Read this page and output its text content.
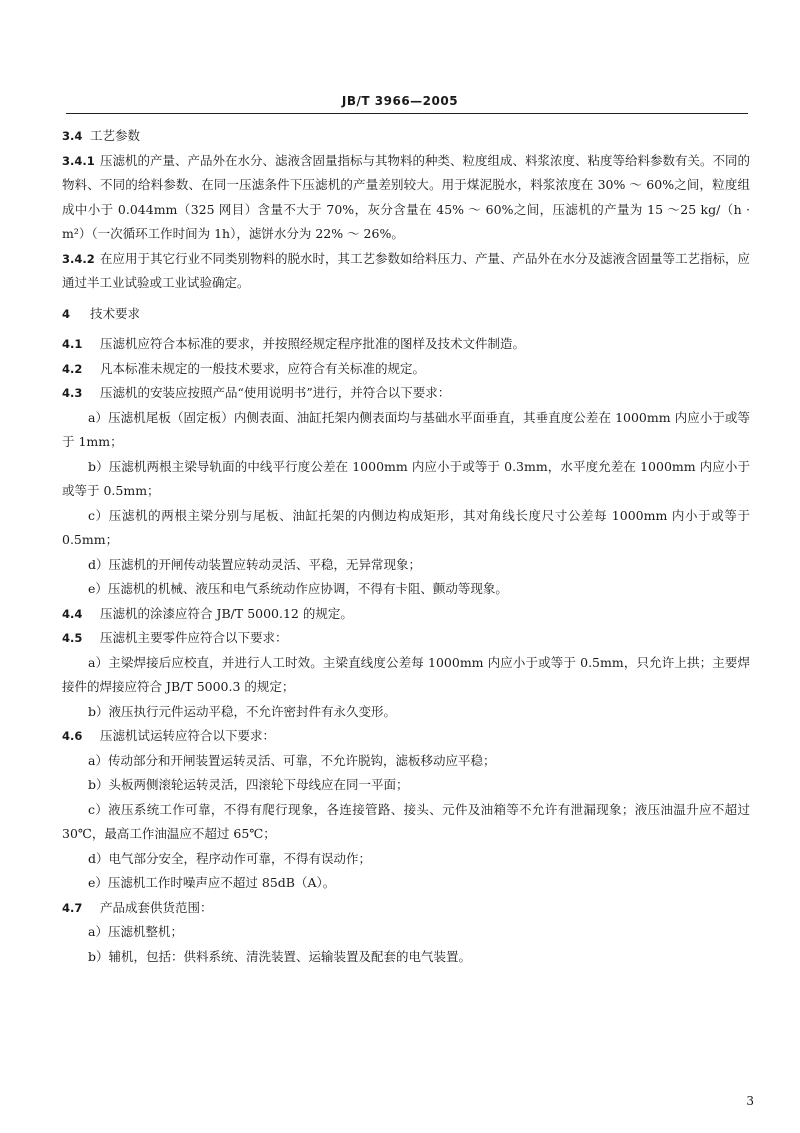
JB/T 3966—2005

3.4 工艺参数

3.4.1 压滤机的产量、产品外在水分、滤液含固量指标与其物料的种类、粒度组成、料浆浓度、粘度等给料参数有关。不同的物料、不同的给料参数、在同一压滤条件下压滤机的产量差别较大。用于煤泥脱水，料浆浓度在 30% ～ 60%之间，粒度组成中小于 0.044mm（325 网目）含量不大于 70%，灰分含量在 45% ～ 60%之间，压滤机的产量为 15 ～25 kg/（h · m²）（一次循环工作时间为 1h），滤饼水分为 22% ～ 26%。

3.4.2 在应用于其它行业不同类别物料的脱水时，其工艺参数如给料压力、产量、产品外在水分及滤液含固量等工艺指标，应通过半工业试验或工业试验确定。

4 技术要求

4.1 压滤机应符合本标准的要求，并按照经规定程序批准的图样及技术文件制造。

4.2 凡本标准未规定的一般技术要求，应符合有关标准的规定。

4.3 压滤机的安装应按照产品“使用说明书”进行，并符合以下要求：

a）压滤机尾板（固定板）内侧表面、油缸托架内侧表面均与基础水平面垂直，其垂直度公差在 1000mm 内应小于或等于 1mm；

b）压滤机两根主梁导轨面的中线平行度公差在 1000mm 内应小于或等于 0.3mm，水平度允差在 1000mm 内应小于或等于 0.5mm；

c）压滤机的两根主梁分别与尾板、油缸托架的内侧边构成矩形，其对角线长度尺寸公差每 1000mm 内小于或等于 0.5mm；

d）压滤机的开闸传动装置应转动灵活、平稳，无异常现象；

e）压滤机的机械、液压和电气系统动作应协调，不得有卡阻、颤动等现象。

4.4 压滤机的涂漆应符合 JB/T 5000.12 的规定。

4.5 压滤机主要零件应符合以下要求：

a）主梁焊接后应校直，并进行人工时效。主梁直线度公差每 1000mm 内应小于或等于 0.5mm，只允许上拱；主要焊接件的焊接应符合 JB/T 5000.3 的规定；

b）液压执行元件运动平稳，不允许密封件有永久变形。

4.6 压滤机试运转应符合以下要求：

a）传动部分和开闸装置运转灵活、可靠，不允许脱钩，滤板移动应平稳；

b）头板两侧滚轮运转灵活，四滚轮下母线应在同一平面；

c）液压系统工作可靠，不得有爬行现象，各连接管路、接头、元件及油箱等不允许有泄漏现象；液压油温升应不超过 30℃，最高工作油温应不超过 65℃；

d）电气部分安全，程序动作可靠，不得有误动作；

e）压滤机工作时噪声应不超过 85dB（A）。

4.7 产品成套供货范围：

a）压滤机整机；

b）辅机，包括：供料系统、清洗装置、运输装置及配套的电气装置。

3
